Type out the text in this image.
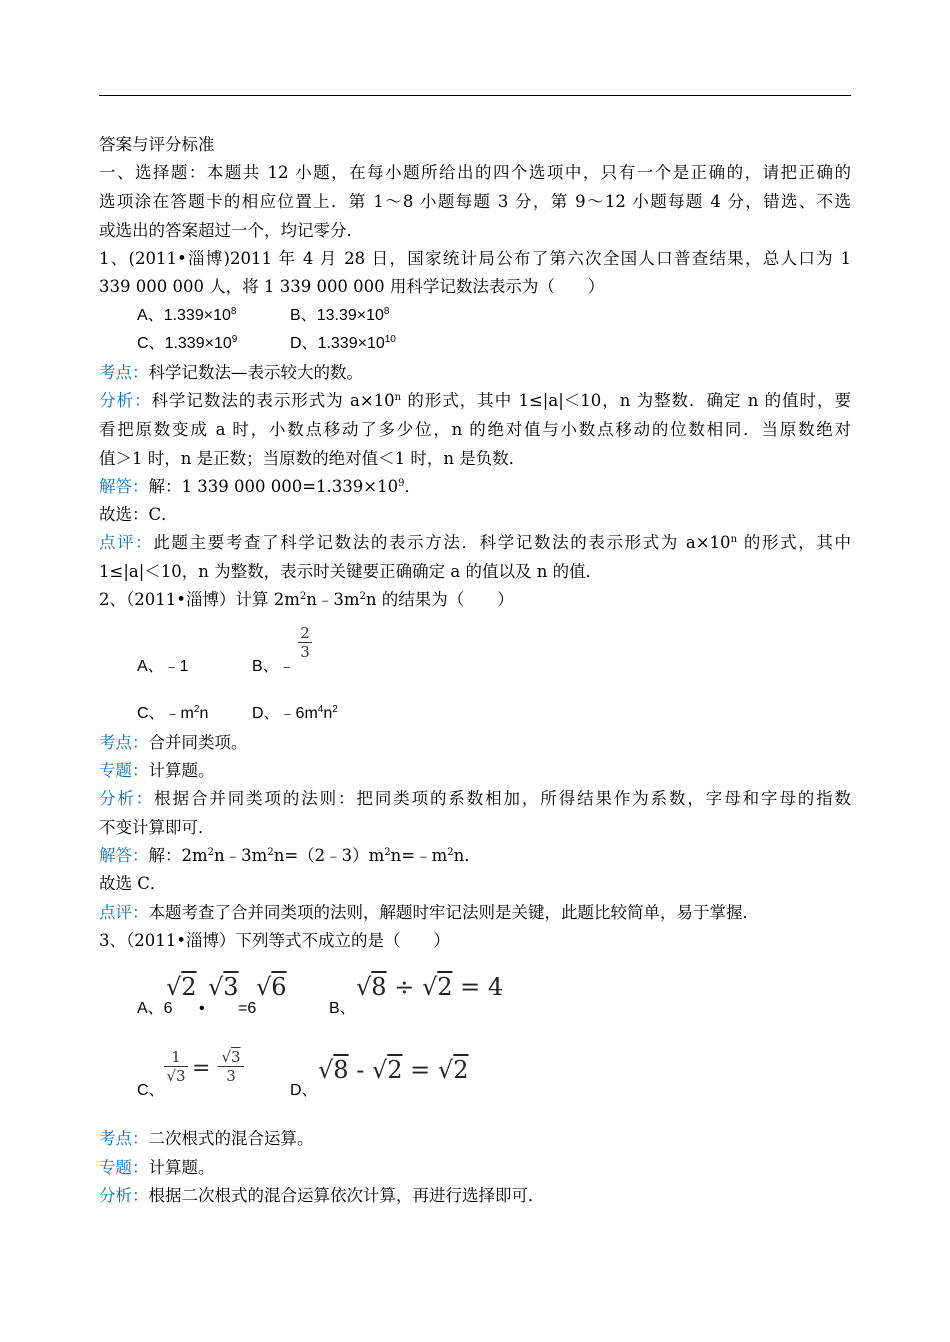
答案与评分标准
一、选择题：本题共 12 小题，在每小题所给出的四个选项中，只有一个是正确的，请把正确的
选项涂在答题卡的相应位置上．第 1～8 小题每题 3 分，第 9～12 小题每题 4 分，错选、不选
或选出的答案超过一个，均记零分．
1、(2011•淄博)2011 年 4 月 28 日，国家统计局公布了第六次全国人口普查结果，总人口为 1
339 000 000 人，将 1 339 000 000 用科学记数法表示为（　　）
A、$1.339\times 10^8$	B、$13.39\times 10^8$
C、$1.339\times 10^9$	D、$1.339\times 10^{10}$
考点：科学记数法—表示较大的数。
分析：科学记数法的表示形式为 $a\times 10^n$ 的形式，其中 1≤|a|＜10，n 为整数．确定 n 的值时，要
看把原数变成 a 时，小数点移动了多少位，n 的绝对值与小数点移动的位数相同．当原数绝对
值＞1 时，n 是正数；当原数的绝对值＜1 时，n 是负数．
解答：解：1 339 000 $000=1.339\times 10^9$．
故选：C．
点评：此题主要考查了科学记数法的表示方法．科学记数法的表示形式为 $a\times 10^n$ 的形式，其中
1≤|a|＜10，n 为整数，表示时关键要正确确定 a 的值以及 n 的值．
2、（2011•淄博）计算 $2m^2n﹣3m^2n$ 的结果为（　　）
A、﹣1	B、﹣
2
3
C、$﹣m^2n$	D、$﹣6m^4n^2$
考点：合并同类项。
专题：计算题。
分析：根据合并同类项的法则：把同类项的系数相加，所得结果作为系数，字母和字母的指数
不变计算即可．
解答：解：$2m^2n﹣3m^2n=(2﹣3)m^2n=﹣m^2n$．
故选 C．
点评：本题考查了合并同类项的法则，解题时牢记法则是关键，此题比较简单，易于掌握．
3、（2011•淄博）下列等式不成立的是（　　）
√2 √3 √6
A、6 • =6	B、
√8 ÷ √2 = 4
1
√3 = √3
3
C、	D、
√8 - √2 = √2
考点：二次根式的混合运算。
专题：计算题。
分析：根据二次根式的混合运算依次计算，再进行选择即可．
